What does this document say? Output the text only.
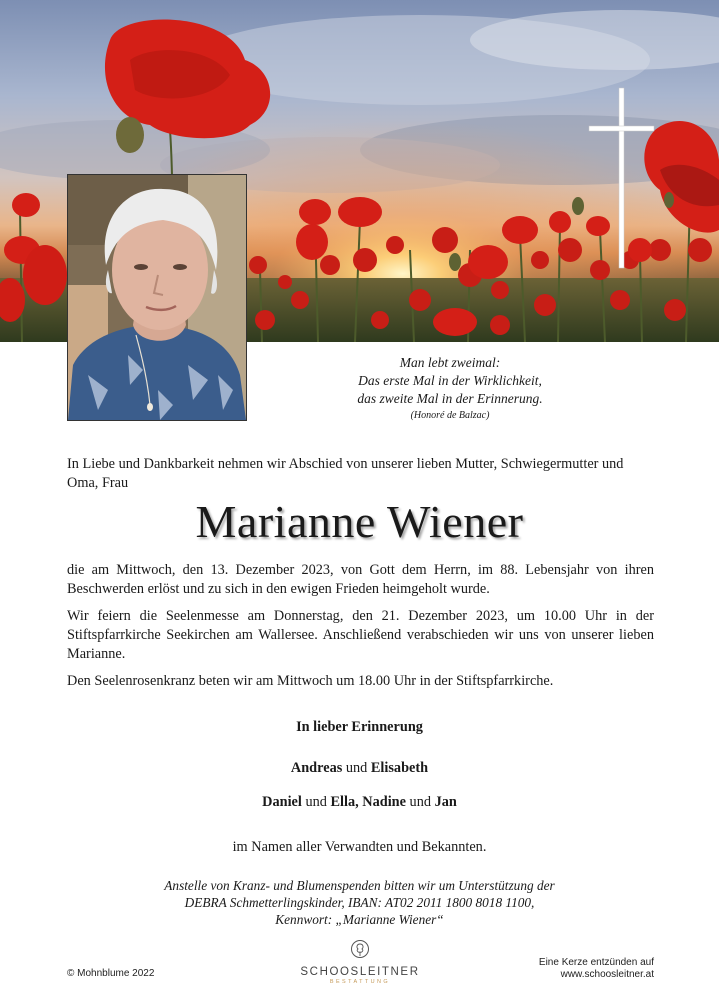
Man lebt zweimal:
Das erste Mal in der Wirklichkeit,
das zweite Mal in der Erinnerung.
(Honoré de Balzac)
In Liebe und Dankbarkeit nehmen wir Abschied von unserer lieben Mutter, Schwiegermutter und Oma, Frau
Marianne Wiener
die am Mittwoch, den 13. Dezember 2023, von Gott dem Herrn, im 88. Lebensjahr von ihren Beschwerden erlöst und zu sich in den ewigen Frieden heimgeholt wurde.
Wir feiern die Seelenmesse am Donnerstag, den 21. Dezember 2023, um 10.00 Uhr in der Stiftspfarrkirche Seekirchen am Wallersee. Anschließend verabschieden wir uns von unserer lieben Marianne.
Den Seelenrosenkranz beten wir am Mittwoch um 18.00 Uhr in der Stiftspfarrkirche.
In lieber Erinnerung
Andreas und Elisabeth
Daniel und Ella, Nadine und Jan
im Namen aller Verwandten und Bekannten.
Anstelle von Kranz- und Blumenspenden bitten wir um Unterstützung der
DEBRA Schmetterlingskinder, IBAN: AT02 2011 1800 8018 1100,
Kennwort: „Marianne Wiener“
© Mohnblume 2022	SCHOOSLEITNER
BESTATTUNG
Eine Kerze entzünden auf
www.schoosleitner.at
